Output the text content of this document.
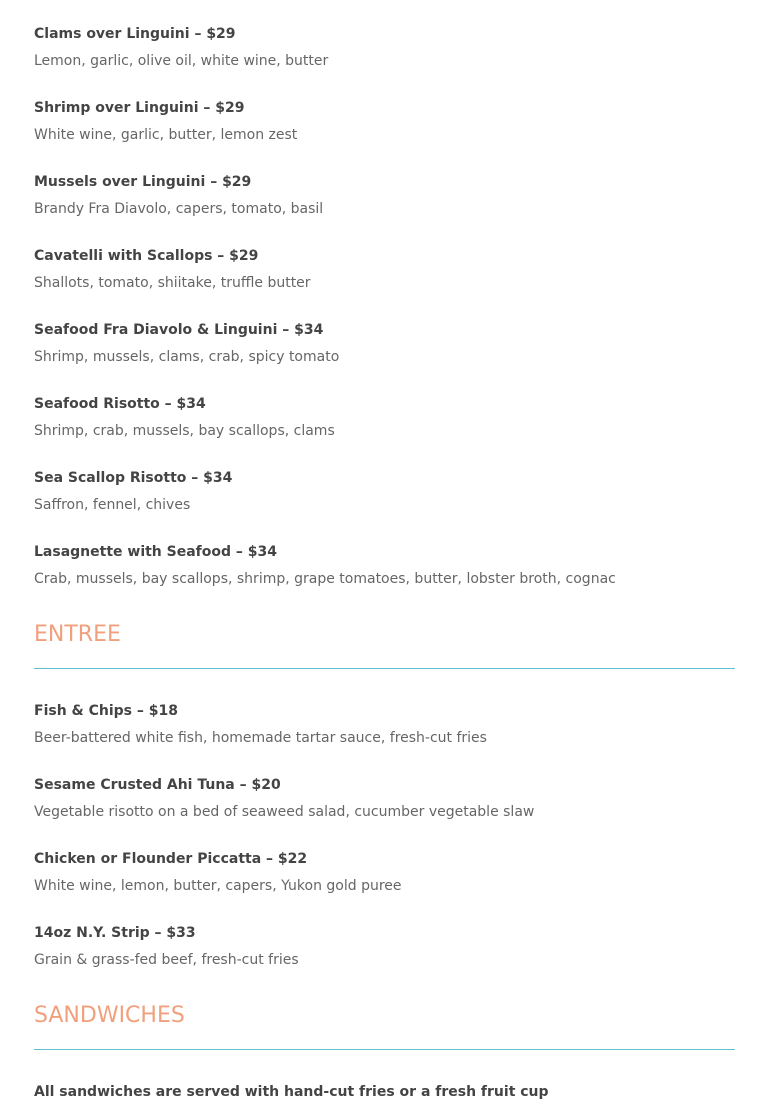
Clams over Linguini – $29
Lemon, garlic, olive oil, white wine, butter
Shrimp over Linguini – $29
White wine, garlic, butter, lemon zest
Mussels over Linguini – $29
Brandy Fra Diavolo, capers, tomato, basil
Cavatelli with Scallops – $29
Shallots, tomato, shiitake, truffle butter
Seafood Fra Diavolo & Linguini – $34
Shrimp, mussels, clams, crab, spicy tomato
Seafood Risotto – $34
Shrimp, crab, mussels, bay scallops, clams
Sea Scallop Risotto – $34
Saffron, fennel, chives
Lasagnette with Seafood – $34
Crab, mussels, bay scallops, shrimp, grape tomatoes, butter, lobster broth, cognac
ENTREE
Fish & Chips – $18
Beer-battered white fish, homemade tartar sauce, fresh-cut fries
Sesame Crusted Ahi Tuna – $20
Vegetable risotto on a bed of seaweed salad, cucumber vegetable slaw
Chicken or Flounder Piccatta – $22
White wine, lemon, butter, capers, Yukon gold puree
14oz N.Y. Strip – $33
Grain & grass-fed beef, fresh-cut fries
SANDWICHES
All sandwiches are served with hand-cut fries or a fresh fruit cup
